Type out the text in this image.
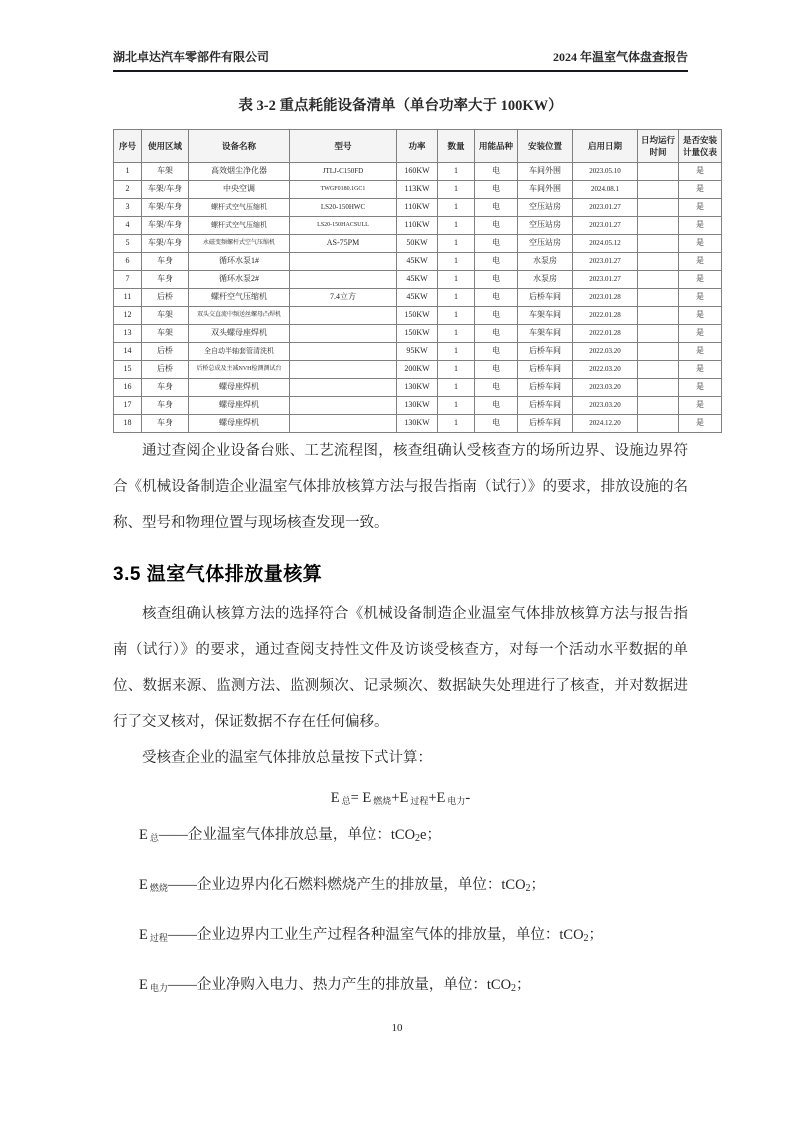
湖北卓达汽车零部件有限公司	2024 年温室气体盘查报告
表 3-2 重点耗能设备清单（单台功率大于 100KW）
序号	使用区域	设备名称	型号	功率	数量	用能品种	安装位置	启用日期	日均运行时间	是否安装计量仪表
1	车架	高效烟尘净化器	JTLJ-C150FD	160KW	1	电	车间外围	2023.05.10		是
2	车架/车身	中央空调	TWGF0180.1GC1	113KW	1	电	车间外围	2024.08.1		是
3	车架/车身	螺杆式空气压缩机	LS20-150HWC	110KW	1	电	空压站房	2023.01.27		是
4	车架/车身	螺杆式空气压缩机	LS20-150HACSULL	110KW	1	电	空压站房	2023.01.27		是
5	车架/车身	永磁变频螺杆式空气压缩机	AS-75PM	50KW	1	电	空压站房	2024.05.12		是
6	车身	循环水泵1#		45KW	1	电	水泵房	2023.01.27		是
7	车身	循环水泵2#		45KW	1	电	水泵房	2023.01.27		是
11	后桥	螺杆空气压缩机	7.4立方	45KW	1	电	后桥车间	2023.01.28		是
12	车架	双头交直流中频送丝螺母凸焊机		150KW	1	电	车架车间	2022.01.28		是
13	车架	双头螺母座焊机		150KW	1	电	车架车间	2022.01.28		是
14	后桥	全自动半轴套管清洗机		95KW	1	电	后桥车间	2022.03.20		是
15	后桥	后桥总成及主减NVH检测测试台		200KW	1	电	后桥车间	2022.03.20		是
16	车身	螺母座焊机		130KW	1	电	后桥车间	2023.03.20		是
17	车身	螺母座焊机		130KW	1	电	后桥车间	2023.03.20		是
18	车身	螺母座焊机		130KW	1	电	后桥车间	2024.12.20		是

通过查阅企业设备台账、工艺流程图，核查组确认受核查方的场所边界、设施边界符合《机械设备制造企业温室气体排放核算方法与报告指南（试行）》的要求，排放设施的名称、型号和物理位置与现场核查发现一致。

3.5 温室气体排放量核算

核查组确认核算方法的选择符合《机械设备制造企业温室气体排放核算方法与报告指南（试行）》的要求，通过查阅支持性文件及访谈受核查方，对每一个活动水平数据的单位、数据来源、监测方法、监测频次、记录频次、数据缺失处理进行了核查，并对数据进行了交叉核对，保证数据不存在任何偏移。

受核查企业的温室气体排放总量按下式计算：

E $_总$= E $_{燃烧}$+E $_{过程}$+E $_{电力}$-
E $_总$——企业温室气体排放总量，单位：tCO2e；
E $_{燃烧}$——企业边界内化石燃料燃烧产生的排放量，单位：tCO2；
E $_{过程}$——企业边界内工业生产过程各种温室气体的排放量，单位：tCO2；
E $_{电力}$——企业净购入电力、热力产生的排放量，单位：tCO2；
10
